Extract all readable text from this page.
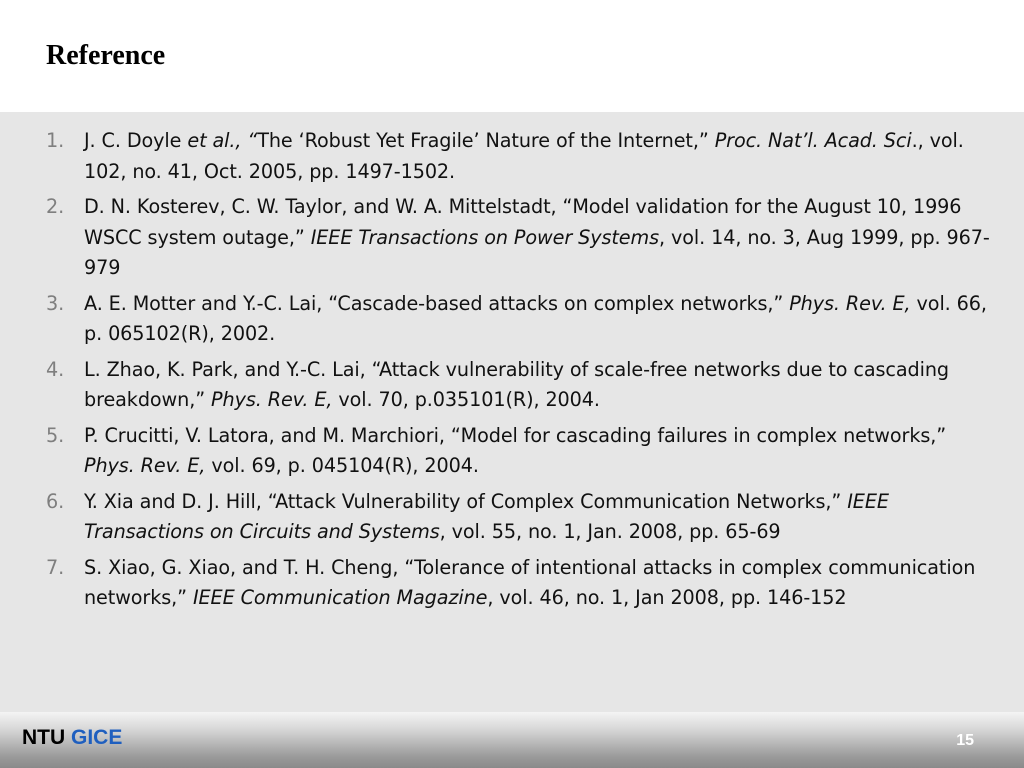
Reference
1. J. C. Doyle et al., “The ‘Robust Yet Fragile’ Nature of the Internet,” Proc. Nat’l. Acad. Sci., vol. 102, no. 41, Oct. 2005, pp. 1497-1502.
2. D. N. Kosterev, C. W. Taylor, and W. A. Mittelstadt, “Model validation for the August 10, 1996 WSCC system outage,” IEEE Transactions on Power Systems, vol. 14, no. 3, Aug 1999, pp. 967-979
3. A. E. Motter and Y.-C. Lai, “Cascade-based attacks on complex networks,” Phys. Rev. E, vol. 66, p. 065102(R), 2002.
4. L. Zhao, K. Park, and Y.-C. Lai, “Attack vulnerability of scale-free networks due to cascading breakdown,” Phys. Rev. E, vol. 70, p.035101(R), 2004.
5. P. Crucitti, V. Latora, and M. Marchiori, “Model for cascading failures in complex networks,” Phys. Rev. E, vol. 69, p. 045104(R), 2004.
6. Y. Xia and D. J. Hill, “Attack Vulnerability of Complex Communication Networks,” IEEE Transactions on Circuits and Systems, vol. 55, no. 1, Jan. 2008, pp. 65-69
7. S. Xiao, G. Xiao, and T. H. Cheng, “Tolerance of intentional attacks in complex communication networks,” IEEE Communication Magazine, vol. 46, no. 1, Jan 2008, pp. 146-152
NTU GICE	15
